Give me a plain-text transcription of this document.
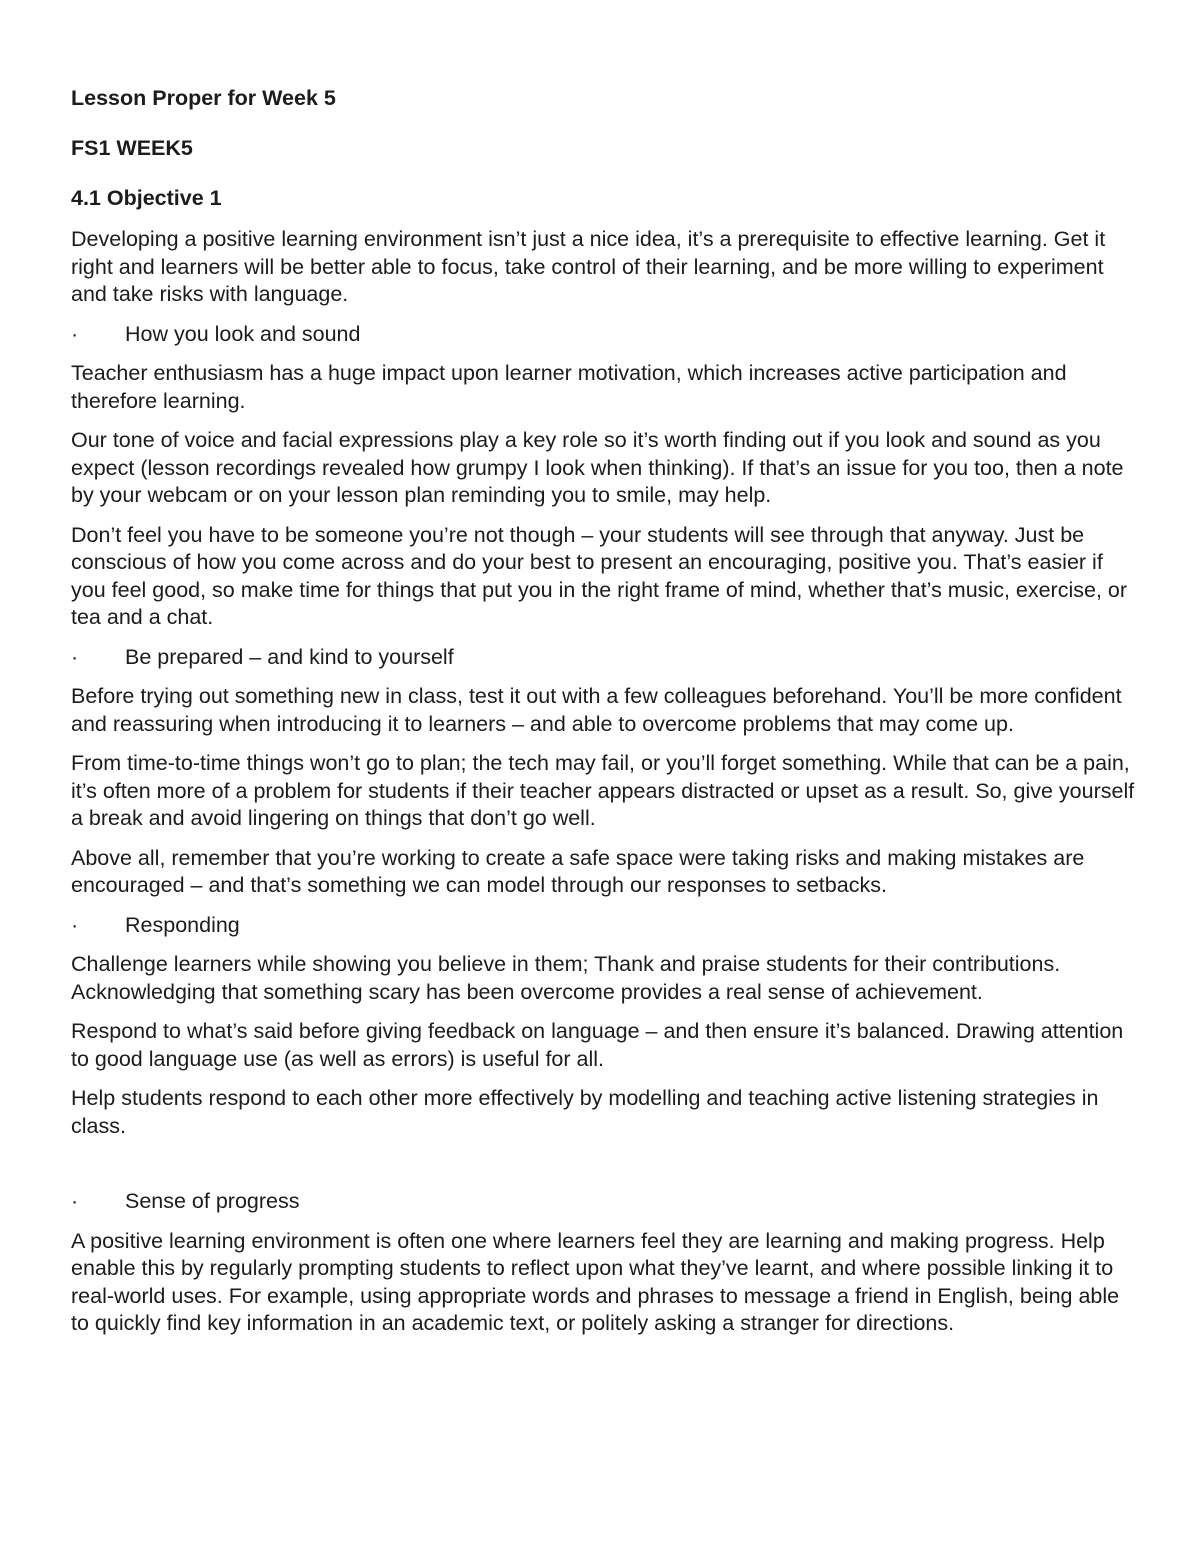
Lesson Proper for Week 5
FS1 WEEK5
4.1 Objective 1
Developing a positive learning environment isn’t just a nice idea, it’s a prerequisite to effective learning. Get it right and learners will be better able to focus, take control of their learning, and be more willing to experiment and take risks with language.
·	How you look and sound
Teacher enthusiasm has a huge impact upon learner motivation, which increases active participation and therefore learning.
Our tone of voice and facial expressions play a key role so it’s worth finding out if you look and sound as you expect (lesson recordings revealed how grumpy I look when thinking). If that’s an issue for you too, then a note by your webcam or on your lesson plan reminding you to smile, may help.
Don’t feel you have to be someone you’re not though – your students will see through that anyway. Just be conscious of how you come across and do your best to present an encouraging, positive you. That’s easier if you feel good, so make time for things that put you in the right frame of mind, whether that’s music, exercise, or tea and a chat.
·	Be prepared – and kind to yourself
Before trying out something new in class, test it out with a few colleagues beforehand. You’ll be more confident and reassuring when introducing it to learners – and able to overcome problems that may come up.
From time-to-time things won’t go to plan; the tech may fail, or you’ll forget something. While that can be a pain, it’s often more of a problem for students if their teacher appears distracted or upset as a result. So, give yourself a break and avoid lingering on things that don’t go well.
Above all, remember that you’re working to create a safe space were taking risks and making mistakes are encouraged – and that’s something we can model through our responses to setbacks.
·	Responding
Challenge learners while showing you believe in them; Thank and praise students for their contributions. Acknowledging that something scary has been overcome provides a real sense of achievement.
Respond to what’s said before giving feedback on language – and then ensure it’s balanced. Drawing attention to good language use (as well as errors) is useful for all.
Help students respond to each other more effectively by modelling and teaching active listening strategies in class.
·	Sense of progress
A positive learning environment is often one where learners feel they are learning and making progress. Help enable this by regularly prompting students to reflect upon what they’ve learnt, and where possible linking it to real-world uses. For example, using appropriate words and phrases to message a friend in English, being able to quickly find key information in an academic text, or politely asking a stranger for directions.
